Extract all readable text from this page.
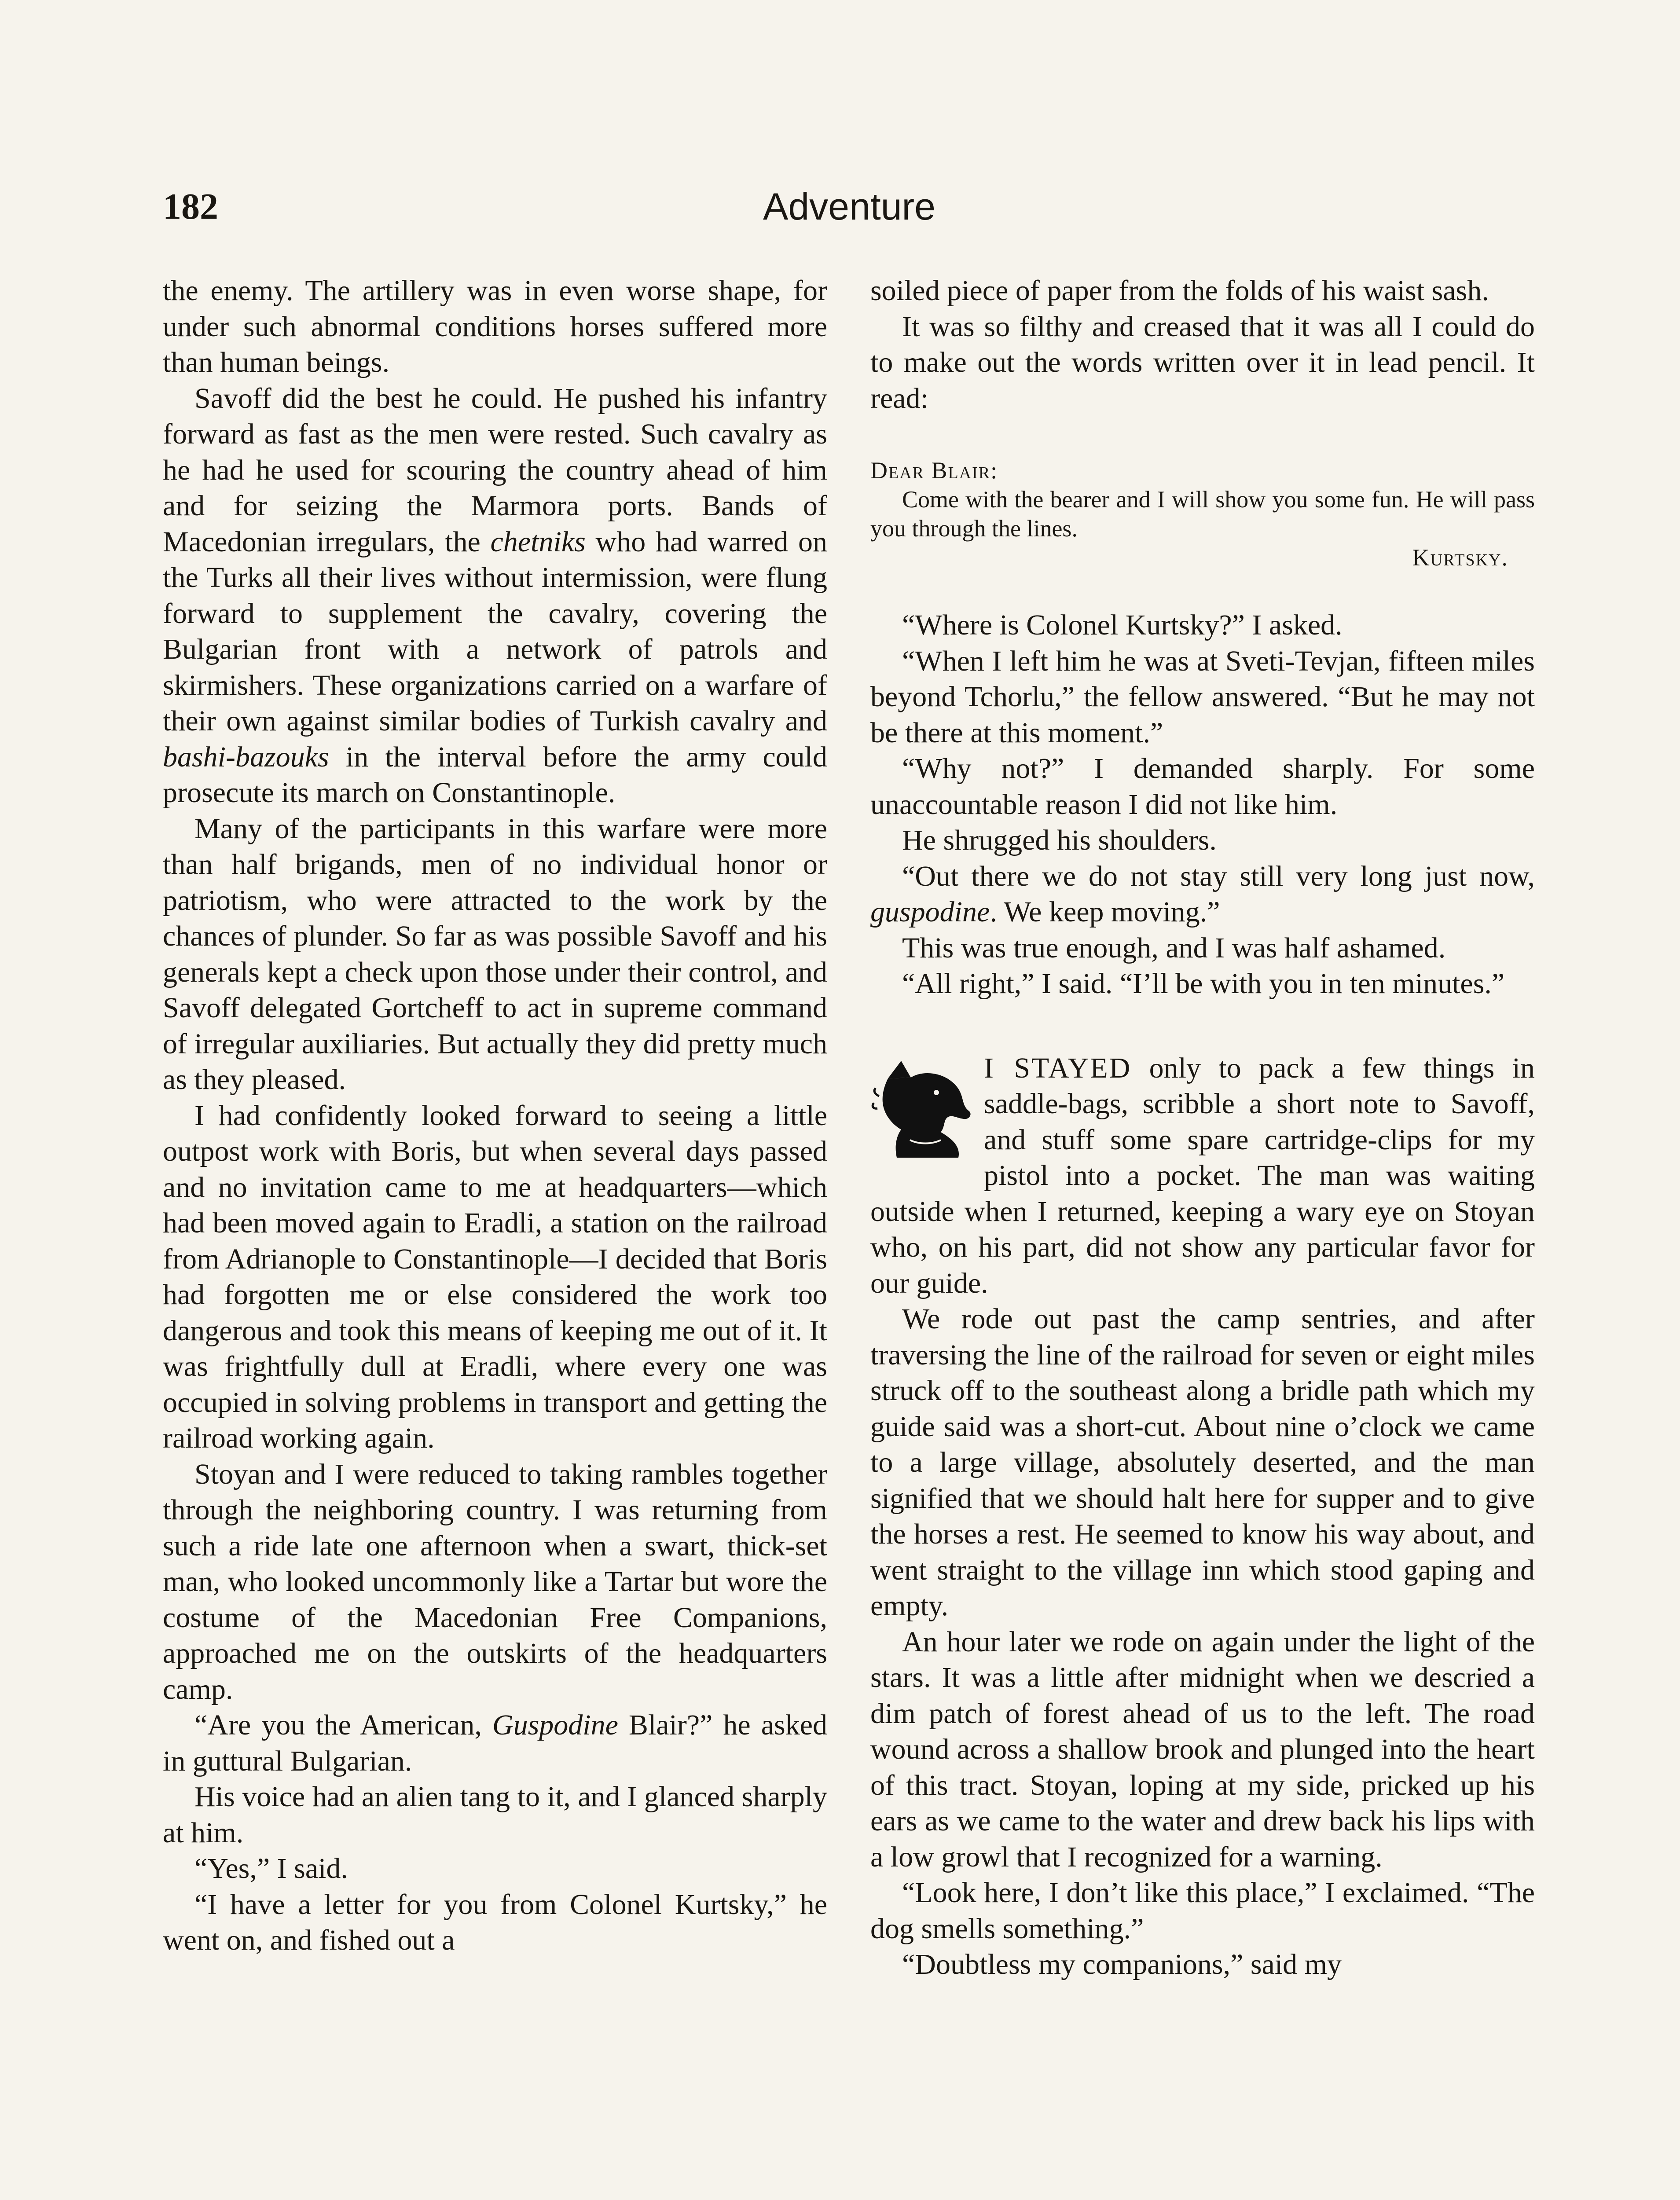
182	Adventure

the enemy. The artillery was in even worse shape, for under such abnormal conditions horses suffered more than human beings.

Savoff did the best he could. He pushed his infantry forward as fast as the men were rested. Such cavalry as he had he used for scouring the country ahead of him and for seizing the Marmora ports. Bands of Macedonian irregulars, the chetniks who had warred on the Turks all their lives without intermission, were flung forward to supplement the cavalry, covering the Bulgarian front with a network of patrols and skirmishers. These organizations carried on a warfare of their own against similar bodies of Turkish cavalry and bashi-bazouks in the interval before the army could prosecute its march on Constantinople.

Many of the participants in this warfare were more than half brigands, men of no individual honor or patriotism, who were attracted to the work by the chances of plunder. So far as was possible Savoff and his generals kept a check upon those under their control, and Savoff delegated Gortcheff to act in supreme command of irregular auxiliaries. But actually they did pretty much as they pleased.

I had confidently looked forward to seeing a little outpost work with Boris, but when several days passed and no invitation came to me at headquarters—which had been moved again to Eradli, a station on the railroad from Adrianople to Constantinople—I decided that Boris had forgotten me or else considered the work too dangerous and took this means of keeping me out of it. It was frightfully dull at Eradli, where every one was occupied in solving problems in transport and getting the railroad working again.

Stoyan and I were reduced to taking rambles together through the neighboring country. I was returning from such a ride late one afternoon when a swart, thick-set man, who looked uncommonly like a Tartar but wore the costume of the Macedonian Free Companions, approached me on the outskirts of the headquarters camp.

“Are you the American, Guspodine Blair?” he asked in guttural Bulgarian.

His voice had an alien tang to it, and I glanced sharply at him.

“Yes,” I said.

“I have a letter for you from Colonel Kurtsky,” he went on, and fished out a

soiled piece of paper from the folds of his waist sash.

It was so filthy and creased that it was all I could do to make out the words written over it in lead pencil. It read:

Dear Blair:

Come with the bearer and I will show you some fun. He will pass you through the lines.

Kurtsky.

“Where is Colonel Kurtsky?” I asked.

“When I left him he was at Sveti-Tevjan, fifteen miles beyond Tchorlu,” the fellow answered. “But he may not be there at this moment.”

“Why not?” I demanded sharply. For some unaccountable reason I did not like him.

He shrugged his shoulders.

“Out there we do not stay still very long just now, guspodine. We keep moving.”

This was true enough, and I was half ashamed.

“All right,” I said. “I’ll be with you in ten minutes.”

I STAYED only to pack a few things in saddle-bags, scribble a short note to Savoff, and stuff some spare cartridge-clips for my pistol into a pocket. The man was waiting outside when I returned, keeping a wary eye on Stoyan who, on his part, did not show any particular favor for our guide.

We rode out past the camp sentries, and after traversing the line of the railroad for seven or eight miles struck off to the southeast along a bridle path which my guide said was a short-cut. About nine o’clock we came to a large village, absolutely deserted, and the man signified that we should halt here for supper and to give the horses a rest. He seemed to know his way about, and went straight to the village inn which stood gaping and empty.

An hour later we rode on again under the light of the stars. It was a little after midnight when we descried a dim patch of forest ahead of us to the left. The road wound across a shallow brook and plunged into the heart of this tract. Stoyan, loping at my side, pricked up his ears as we came to the water and drew back his lips with a low growl that I recognized for a warning.

“Look here, I don’t like this place,” I exclaimed. “The dog smells something.”

“Doubtless my companions,” said my
